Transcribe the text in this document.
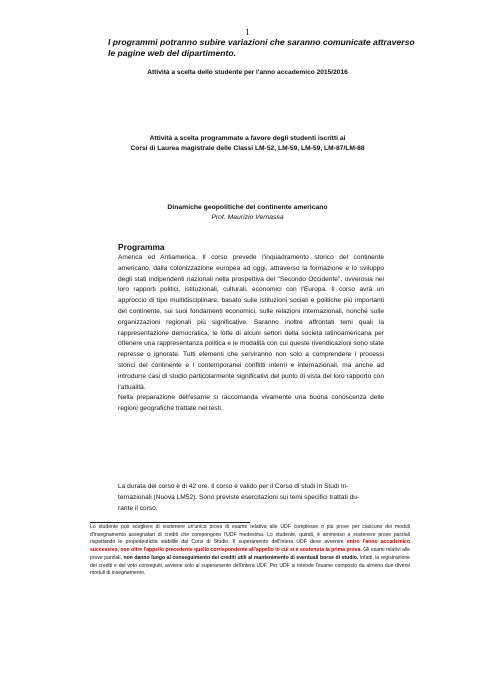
1
I programmi potranno subire variazioni che saranno comunicate attraverso
le pagine web del dipartimento.
Attività a scelta dello studente per l'anno accademico 2015/2016
Attività a scelta programmate a favore degli studenti iscritti ai
Corsi di Laurea magistrale delle Classi LM-52, LM-59, LM-59, LM-87/LM-88
Dinamiche geopolitiche del continente americano
Prof. Maurizio Vernassa
Programma

America ed Antiamerica. Il corso prevede l'inquadramento storico del continente americano, dalla colonizzazione europea ad oggi, attraverso la formazione e lo sviluppo degli stati indipendenti nazionali nella prospettiva del "Secondo Occidente", ovverosia nei loro rapporti politici, istituzionali, culturali, economici con l'Europa. Il corso avrà un approccio di tipo multidisciplinare, basato sulle istituzioni sociali e politiche più importanti del continente, sui suoi fondamenti economici, sulle relazioni internazionali, nonché sulle organizzazioni regionali più significative. Saranno inoltre affrontati temi quali la rappresentazione democratica, le lotte di alcuni settori della società latinoamericana per ottenere una rappresentanza politica e le modalità con cui queste rivendicazioni sono state represse o ignorate. Tutti elementi che serviranno non solo a comprendere i processi storici del continente e l contemporanei conflitti interni e internazionali, ma anche ad introdurre casi di studio particolarmente significativi del punto di vista del loro rapporto con l'attualità.

Nella preparazione dell'esame si raccomanda vivamente una buona conoscenza delle regioni geografiche trattate nei testi.

La durata del corso è di 42 ore. Il corso è valido per il Corso di studi in Studi In-
ternazionali (Nuova LM52). Sono previste esercitazioni sui temi specifici trattati du-
rante il corso.

Lo studente può scegliere di sostenere un'unica prova di esame relativa alle UDF complesse o più prove per ciascuno dei moduli d'insegnamento assegnatari di crediti che compongono l'UDF medesima. Lo studente, quindi, è ammesso a sostenere prove parziali rispettando le propedeuticità stabilite dai Corsi di Studio. Il superamento dell'intera UDF deve avvenire entro l'anno accademico successivo, non oltre l'appello precedente quello corrispondente all'appello in cui si è sostenuta la prima prova. Gli esami relativi alle prove parziali, non danno luogo al conseguimento dei crediti utili al mantenimento di eventuali borse di studio. Infatti, la registrazione dei crediti e del voto conseguiti, avviene solo al superamento dell'intera UDF. Per UDF si intende l'esame composto da almeno due diversi moduli di insegnamento.
